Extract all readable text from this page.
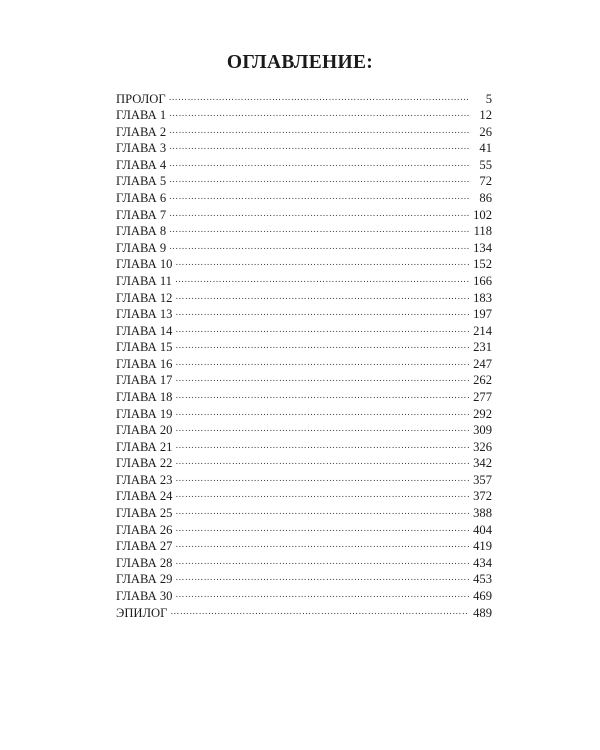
ОГЛАВЛЕНИЕ:
ПРОЛОГ …………………………………………………………………………………………………………………………………………………………………………………………	5
ГЛАВА 1 …………………………………………………………………………………………………………………………………………………………………………………………	12
ГЛАВА 2 …………………………………………………………………………………………………………………………………………………………………………………………	26
ГЛАВА 3 …………………………………………………………………………………………………………………………………………………………………………………………	41
ГЛАВА 4 …………………………………………………………………………………………………………………………………………………………………………………………	55
ГЛАВА 5 …………………………………………………………………………………………………………………………………………………………………………………………	72
ГЛАВА 6 …………………………………………………………………………………………………………………………………………………………………………………………	86
ГЛАВА 7 …………………………………………………………………………………………………………………………………………………………………………………………	102
ГЛАВА 8 …………………………………………………………………………………………………………………………………………………………………………………………	118
ГЛАВА 9 …………………………………………………………………………………………………………………………………………………………………………………………	134
ГЛАВА 10 …………………………………………………………………………………………………………………………………………………………………………………………	152
ГЛАВА 11 …………………………………………………………………………………………………………………………………………………………………………………………	166
ГЛАВА 12 …………………………………………………………………………………………………………………………………………………………………………………………	183
ГЛАВА 13 …………………………………………………………………………………………………………………………………………………………………………………………	197
ГЛАВА 14 …………………………………………………………………………………………………………………………………………………………………………………………	214
ГЛАВА 15 …………………………………………………………………………………………………………………………………………………………………………………………	231
ГЛАВА 16 …………………………………………………………………………………………………………………………………………………………………………………………	247
ГЛАВА 17 …………………………………………………………………………………………………………………………………………………………………………………………	262
ГЛАВА 18 …………………………………………………………………………………………………………………………………………………………………………………………	277
ГЛАВА 19 …………………………………………………………………………………………………………………………………………………………………………………………	292
ГЛАВА 20 …………………………………………………………………………………………………………………………………………………………………………………………	309
ГЛАВА 21 …………………………………………………………………………………………………………………………………………………………………………………………	326
ГЛАВА 22 …………………………………………………………………………………………………………………………………………………………………………………………	342
ГЛАВА 23 …………………………………………………………………………………………………………………………………………………………………………………………	357
ГЛАВА 24 …………………………………………………………………………………………………………………………………………………………………………………………	372
ГЛАВА 25 …………………………………………………………………………………………………………………………………………………………………………………………	388
ГЛАВА 26 …………………………………………………………………………………………………………………………………………………………………………………………	404
ГЛАВА 27 …………………………………………………………………………………………………………………………………………………………………………………………	419
ГЛАВА 28 …………………………………………………………………………………………………………………………………………………………………………………………	434
ГЛАВА 29 …………………………………………………………………………………………………………………………………………………………………………………………	453
ГЛАВА 30 …………………………………………………………………………………………………………………………………………………………………………………………	469
ЭПИЛОГ …………………………………………………………………………………………………………………………………………………………………………………………	489
